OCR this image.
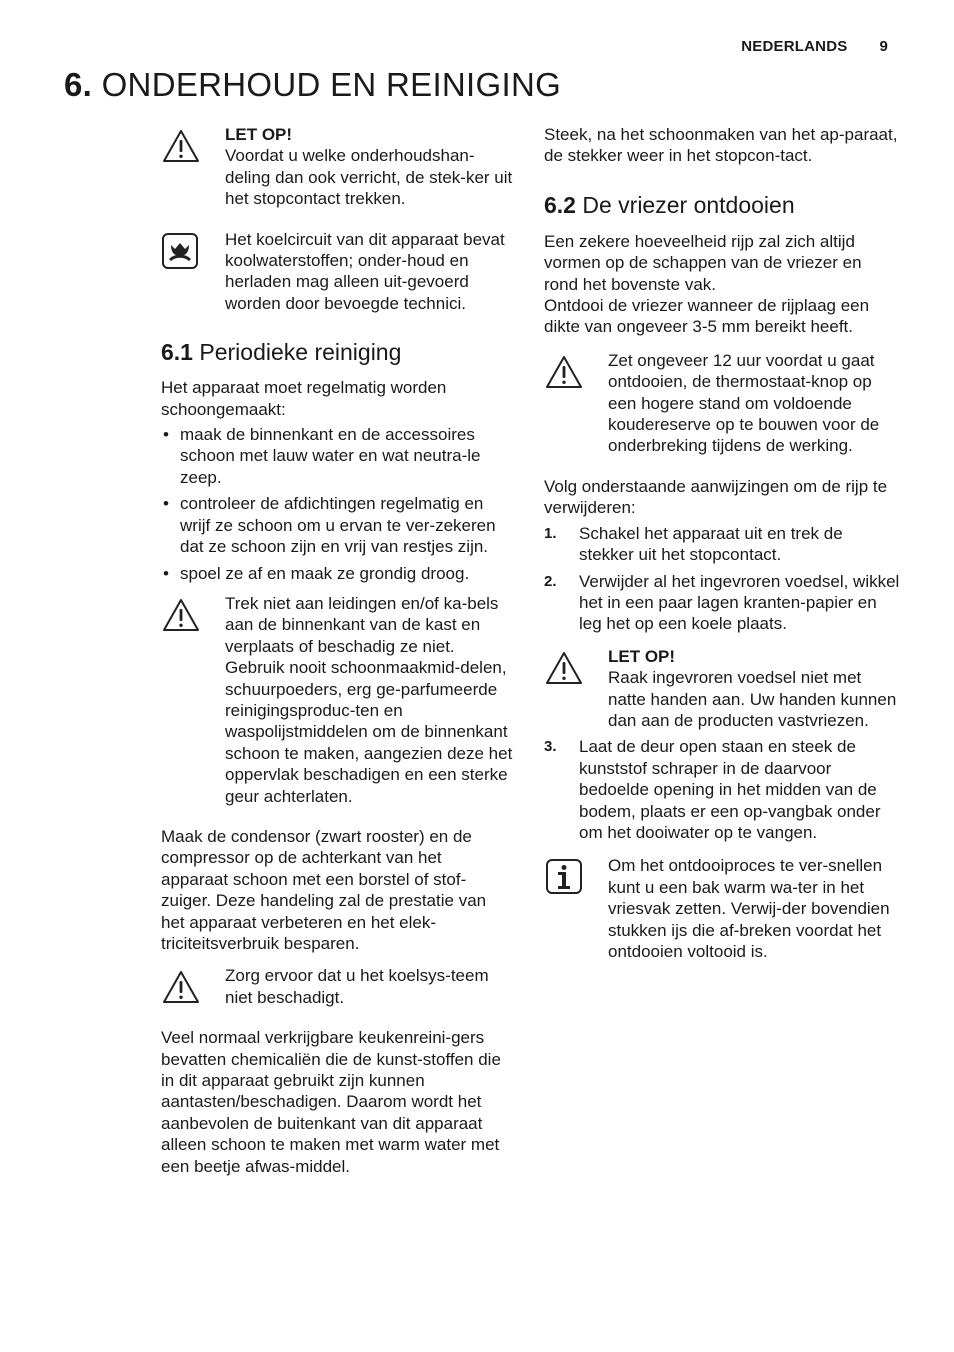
NEDERLANDS 9
6. ONDERHOUD EN REINIGING

LET OP!

Voordat u welke onderhoudshan-deling dan ook verricht, de stek-ker uit het stopcontact trekken.

Het koelcircuit van dit apparaat bevat koolwaterstoffen; onder-houd en herladen mag alleen uit-gevoerd worden door bevoegde technici.

6.1 Periodieke reiniging

Het apparaat moet regelmatig worden schoongemaakt:

• maak de binnenkant en de accessoires schoon met lauw water en wat neutra-le zeep.
• controleer de afdichtingen regelmatig en wrijf ze schoon om u ervan te ver-zekeren dat ze schoon zijn en vrij van restjes zijn.
• spoel ze af en maak ze grondig droog.

Trek niet aan leidingen en/of ka-bels aan de binnenkant van de kast en verplaats of beschadig ze niet.

Gebruik nooit schoonmaakmid-delen, schuurpoeders, erg ge-parfumeerde reinigingsproduc-ten en waspolijstmiddelen om de binnenkant schoon te maken, aangezien deze het oppervlak beschadigen en een sterke geur achterlaten.

Maak de condensor (zwart rooster) en de compressor op de achterkant van het apparaat schoon met een borstel of stof-zuiger. Deze handeling zal de prestatie van het apparaat verbeteren en het elek-triciteitsverbruik besparen.

Zorg ervoor dat u het koelsys-teem niet beschadigt.

Veel normaal verkrijgbare keukenreini-gers bevatten chemicaliën die de kunst-stoffen die in dit apparaat gebruikt zijn kunnen aantasten/beschadigen. Daarom wordt het aanbevolen de buitenkant van dit apparaat alleen schoon te maken met warm water met een beetje afwas-middel.

Steek, na het schoonmaken van het ap-paraat, de stekker weer in het stopcon-tact.

6.2 De vriezer ontdooien

Een zekere hoeveelheid rijp zal zich altijd vormen op de schappen van de vriezer en rond het bovenste vak.

Ontdooi de vriezer wanneer de rijplaag een dikte van ongeveer 3-5 mm bereikt heeft.

Zet ongeveer 12 uur voordat u gaat ontdooien, de thermostaat-knop op een hogere stand om voldoende koudereserve op te bouwen voor de onderbreking tijdens de werking.

Volg onderstaande aanwijzingen om de rijp te verwijderen:

1. Schakel het apparaat uit en trek de stekker uit het stopcontact.
2. Verwijder al het ingevroren voedsel, wikkel het in een paar lagen kranten-papier en leg het op een koele plaats.

LET OP!

Raak ingevroren voedsel niet met natte handen aan. Uw handen kunnen dan aan de producten vastvriezen.

3. Laat de deur open staan en steek de kunststof schraper in de daarvoor bedoelde opening in het midden van de bodem, plaats er een op-vangbak onder om het dooiwater op te vangen.

Om het ontdooiproces te ver-snellen kunt u een bak warm wa-ter in het vriesvak zetten. Verwij-der bovendien stukken ijs die af-breken voordat het ontdooien voltooid is.
